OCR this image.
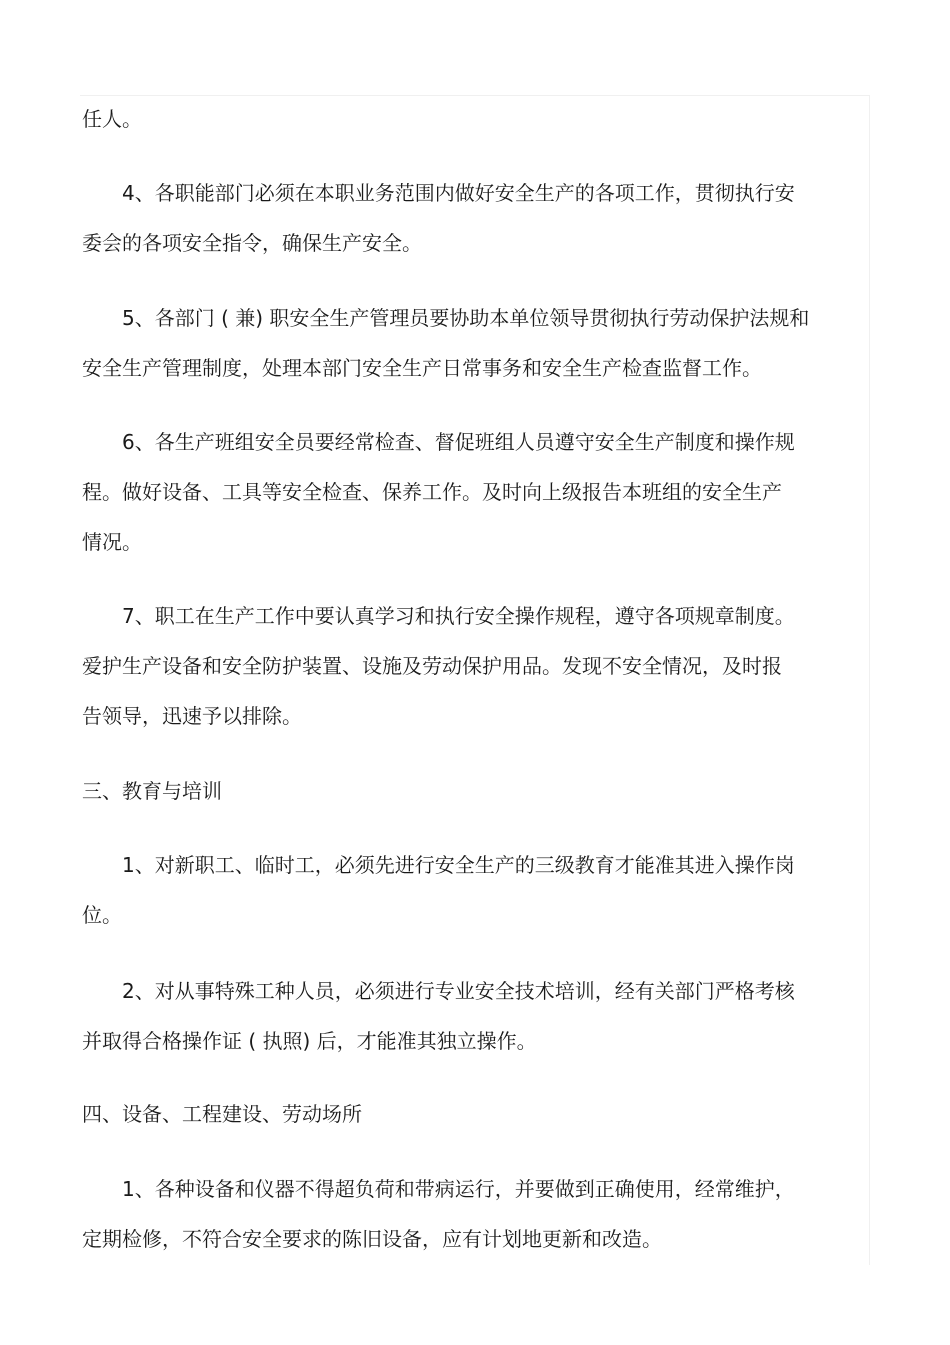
任人。
4、各职能部门必须在本职业务范围内做好安全生产的各项工作，贯彻执行安
委会的各项安全指令，确保生产安全。
5、各部门 ( 兼) 职安全生产管理员要协助本单位领导贯彻执行劳动保护法规和
安全生产管理制度，处理本部门安全生产日常事务和安全生产检查监督工作。
6、各生产班组安全员要经常检查、督促班组人员遵守安全生产制度和操作规
程。做好设备、工具等安全检查、保养工作。及时向上级报告本班组的安全生产
情况。
7、职工在生产工作中要认真学习和执行安全操作规程，遵守各项规章制度。
爱护生产设备和安全防护装置、设施及劳动保护用品。发现不安全情况，及时报
告领导，迅速予以排除。
三、教育与培训
1、对新职工、临时工，必须先进行安全生产的三级教育才能准其进入操作岗
位。
2、对从事特殊工种人员，必须进行专业安全技术培训，经有关部门严格考核
并取得合格操作证 ( 执照) 后，才能准其独立操作。
四、设备、工程建设、劳动场所
1、各种设备和仪器不得超负荷和带病运行，并要做到正确使用，经常维护，
定期检修，不符合安全要求的陈旧设备，应有计划地更新和改造。
